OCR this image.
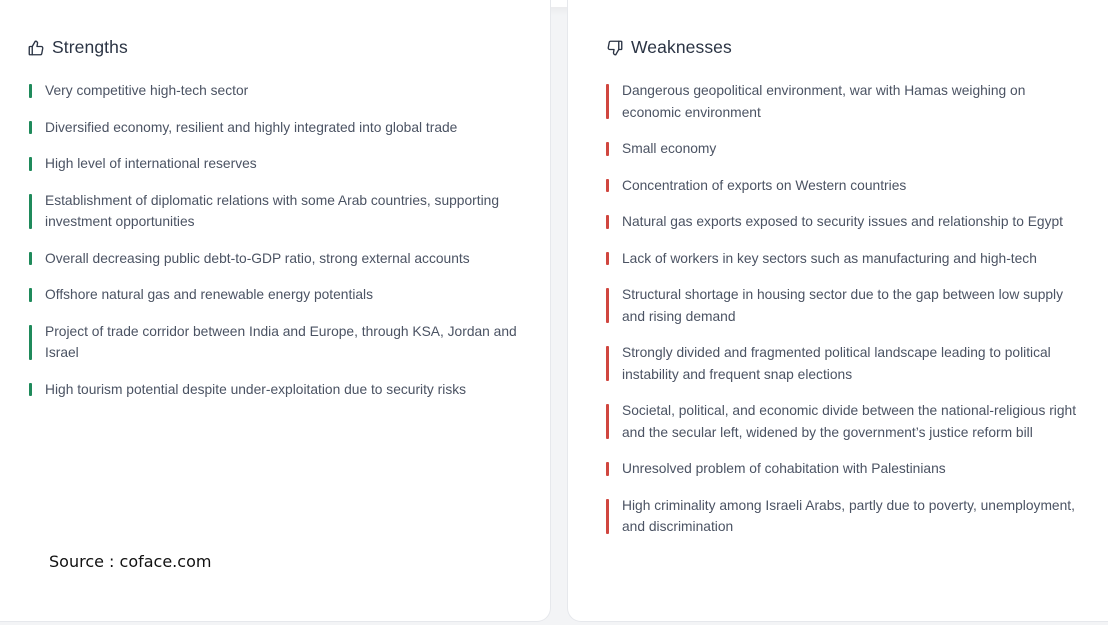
Strengths
Very competitive high-tech sector
Diversified economy, resilient and highly integrated into global trade
High level of international reserves
Establishment of diplomatic relations with some Arab countries, supporting investment opportunities
Overall decreasing public debt-to-GDP ratio, strong external accounts
Offshore natural gas and renewable energy potentials
Project of trade corridor between India and Europe, through KSA, Jordan and Israel
High tourism potential despite under-exploitation due to security risks
Source : coface.com
Weaknesses
Dangerous geopolitical environment, war with Hamas weighing on economic environment
Small economy
Concentration of exports on Western countries
Natural gas exports exposed to security issues and relationship to Egypt
Lack of workers in key sectors such as manufacturing and high-tech
Structural shortage in housing sector due to the gap between low supply and rising demand
Strongly divided and fragmented political landscape leading to political instability and frequent snap elections
Societal, political, and economic divide between the national-religious right and the secular left, widened by the government’s justice reform bill
Unresolved problem of cohabitation with Palestinians
High criminality among Israeli Arabs, partly due to poverty, unemployment, and discrimination
